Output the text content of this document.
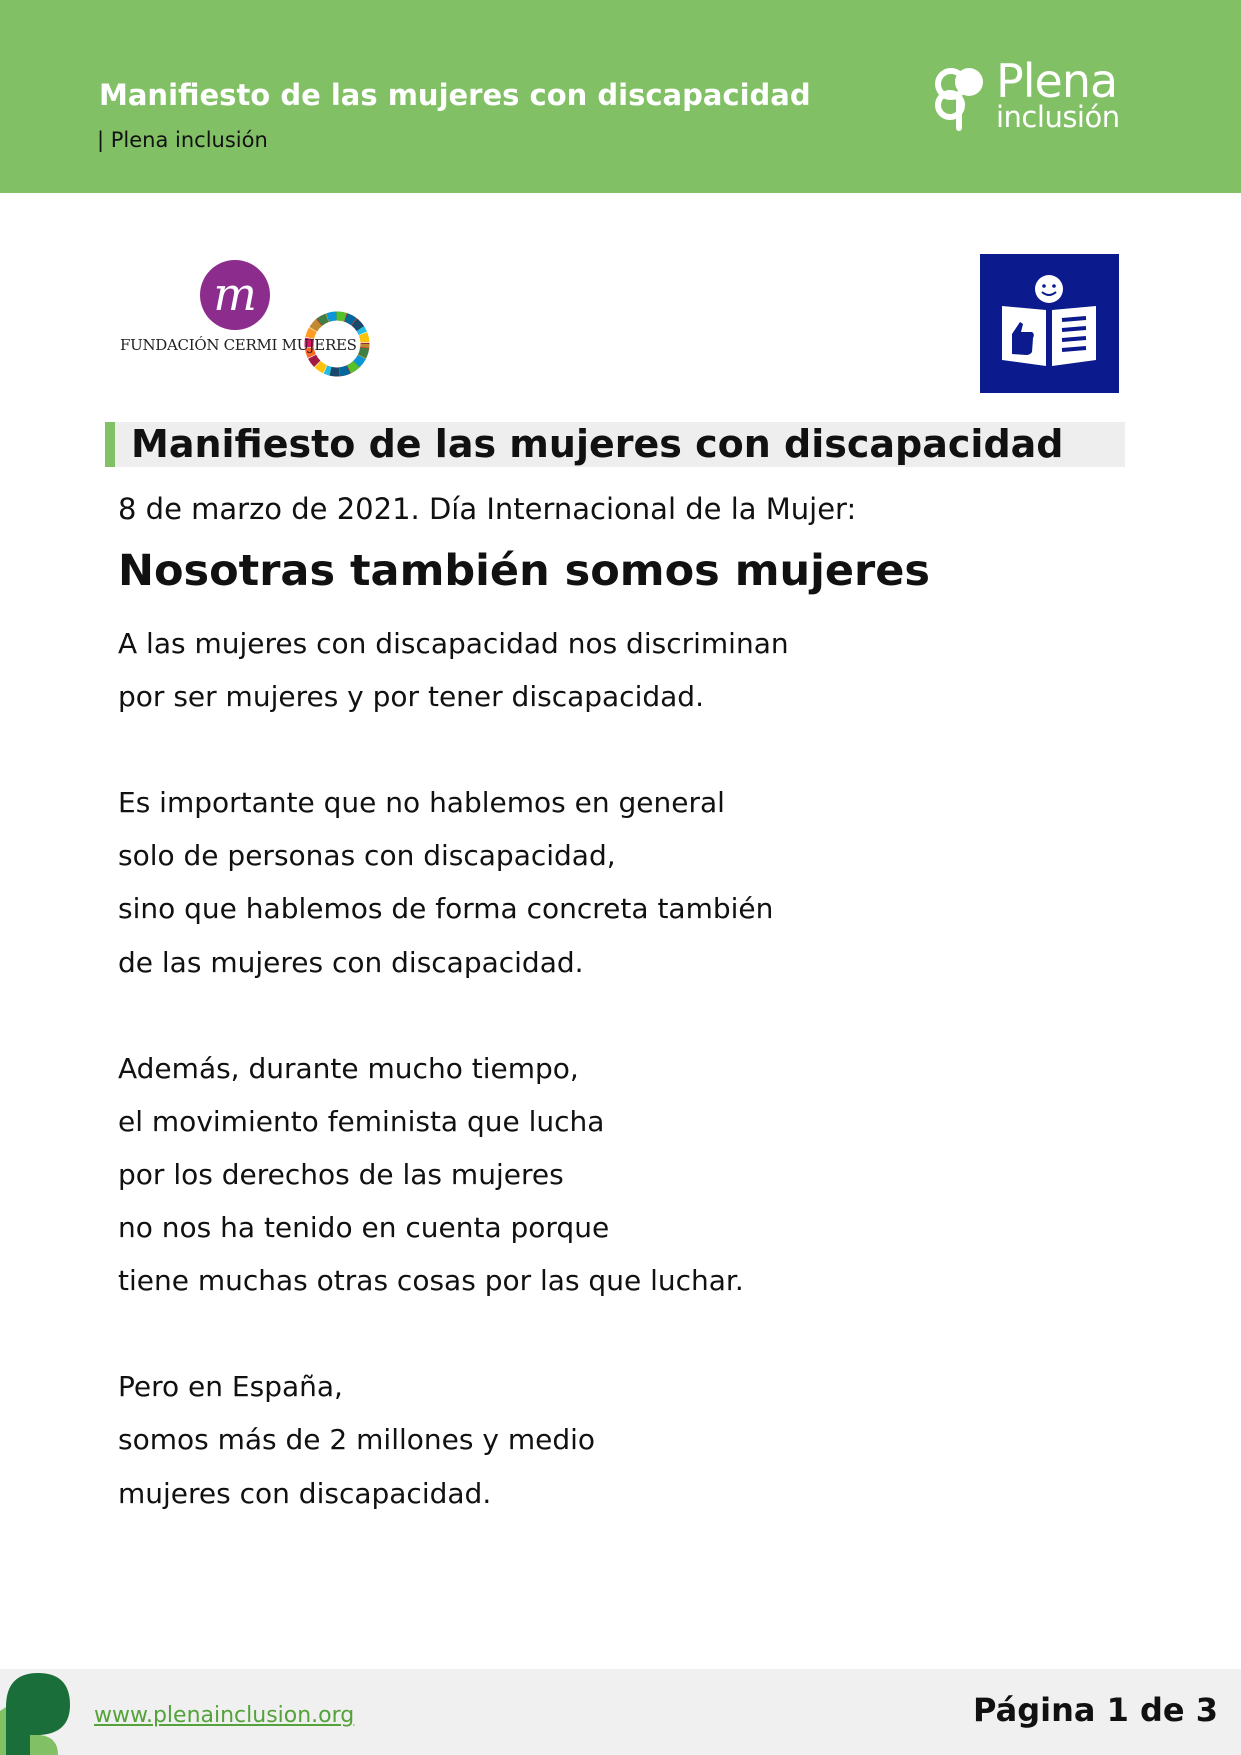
Manifiesto de las mujeres con discapacidad
| Plena inclusión
Plena
inclusión
m
FUNDACIÓN CERMI MUJERES
Manifiesto de las mujeres con discapacidad
8 de marzo de 2021. Día Internacional de la Mujer:
Nosotras también somos mujeres
A las mujeres con discapacidad nos discriminan
por ser mujeres y por tener discapacidad.
Es importante que no hablemos en general
solo de personas con discapacidad,
sino que hablemos de forma concreta también
de las mujeres con discapacidad.
Además, durante mucho tiempo,
el movimiento feminista que lucha
por los derechos de las mujeres
no nos ha tenido en cuenta porque
tiene muchas otras cosas por las que luchar.
Pero en España,
somos más de 2 millones y medio
mujeres con discapacidad.
www.plenainclusion.org	Página 1 de 3
